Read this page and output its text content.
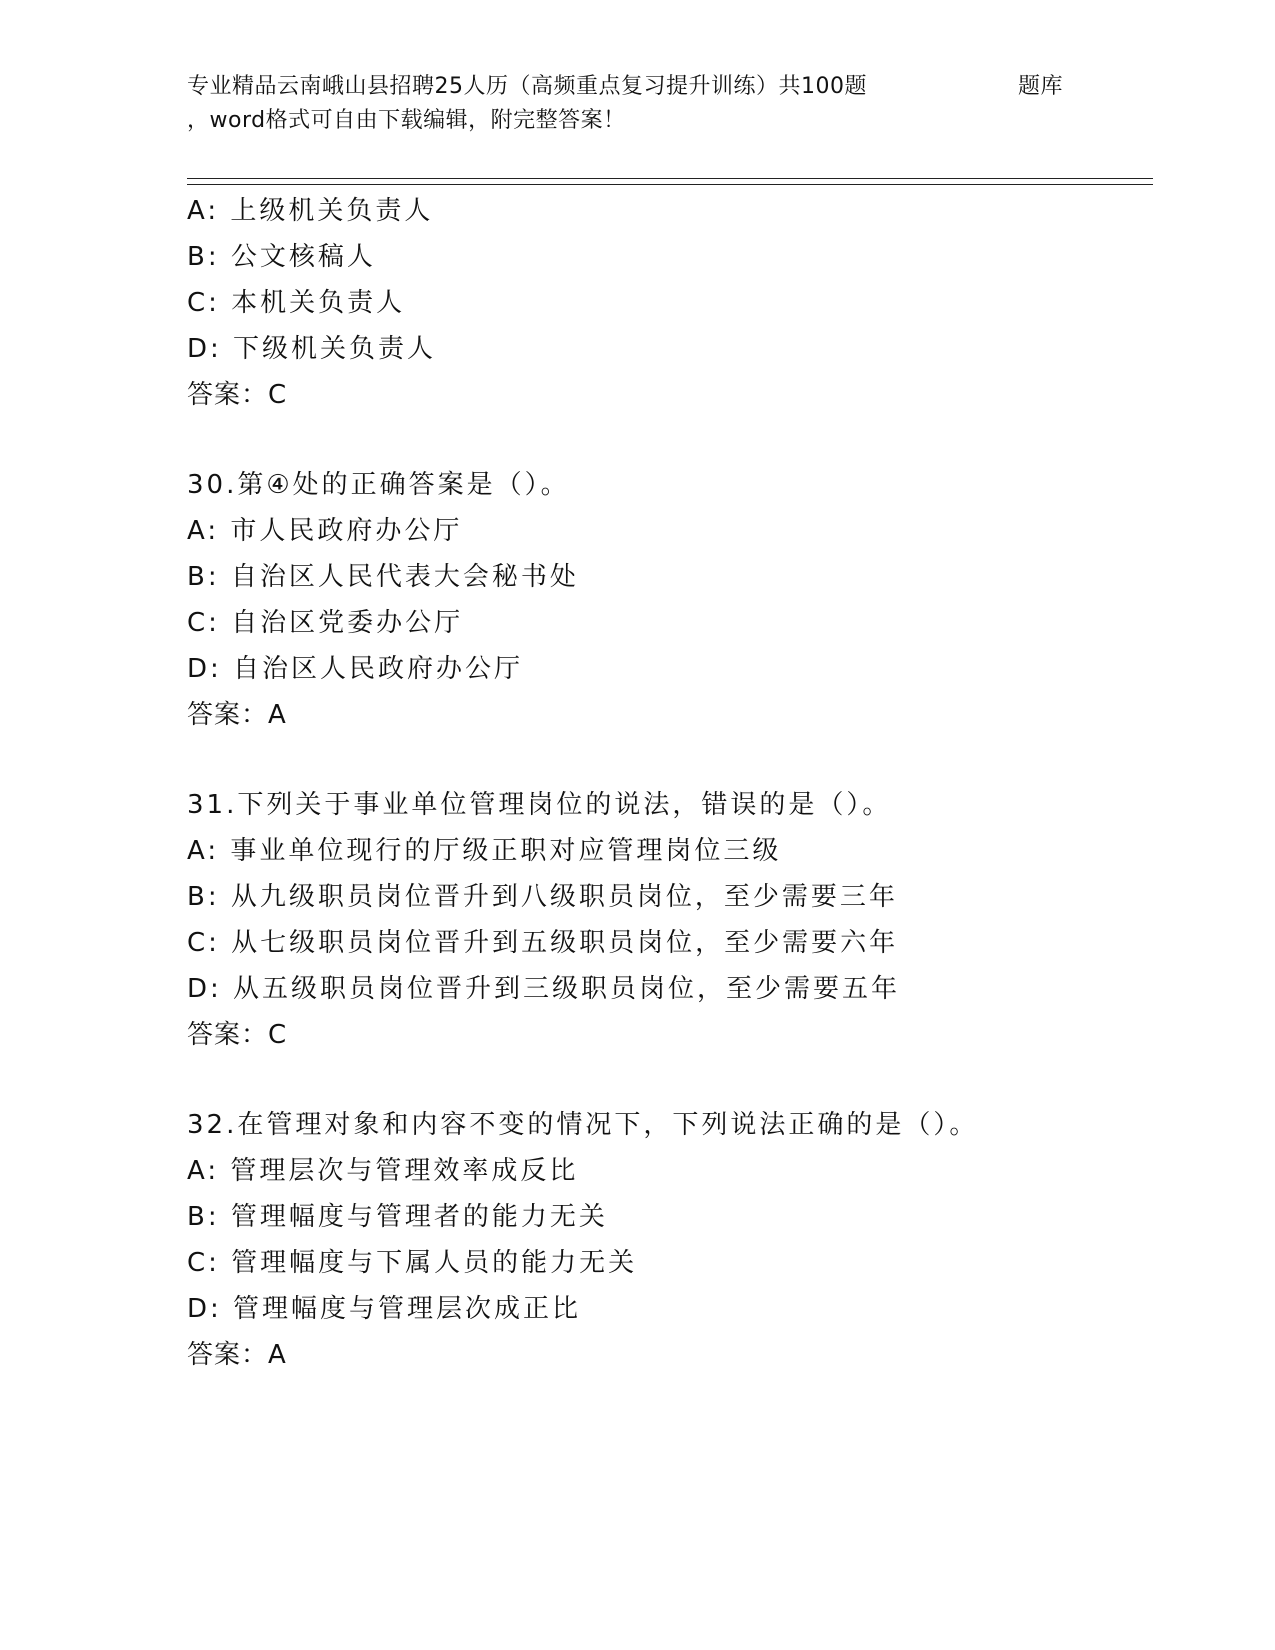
专业精品云南峨山县招聘25人历（高频重点复习提升训练）共100题
，word格式可自由下载编辑，附完整答案！
题库
A: 上级机关负责人
B: 公文核稿人
C: 本机关负责人
D: 下级机关负责人
答案：C
30.第④处的正确答案是（）。
A: 市人民政府办公厅
B: 自治区人民代表大会秘书处
C: 自治区党委办公厅
D: 自治区人民政府办公厅
答案：A
31.下列关于事业单位管理岗位的说法，错误的是（）。
A: 事业单位现行的厅级正职对应管理岗位三级
B: 从九级职员岗位晋升到八级职员岗位，至少需要三年
C: 从七级职员岗位晋升到五级职员岗位，至少需要六年
D: 从五级职员岗位晋升到三级职员岗位，至少需要五年
答案：C
32.在管理对象和内容不变的情况下，下列说法正确的是（）。
A: 管理层次与管理效率成反比
B: 管理幅度与管理者的能力无关
C: 管理幅度与下属人员的能力无关
D: 管理幅度与管理层次成正比
答案：A
